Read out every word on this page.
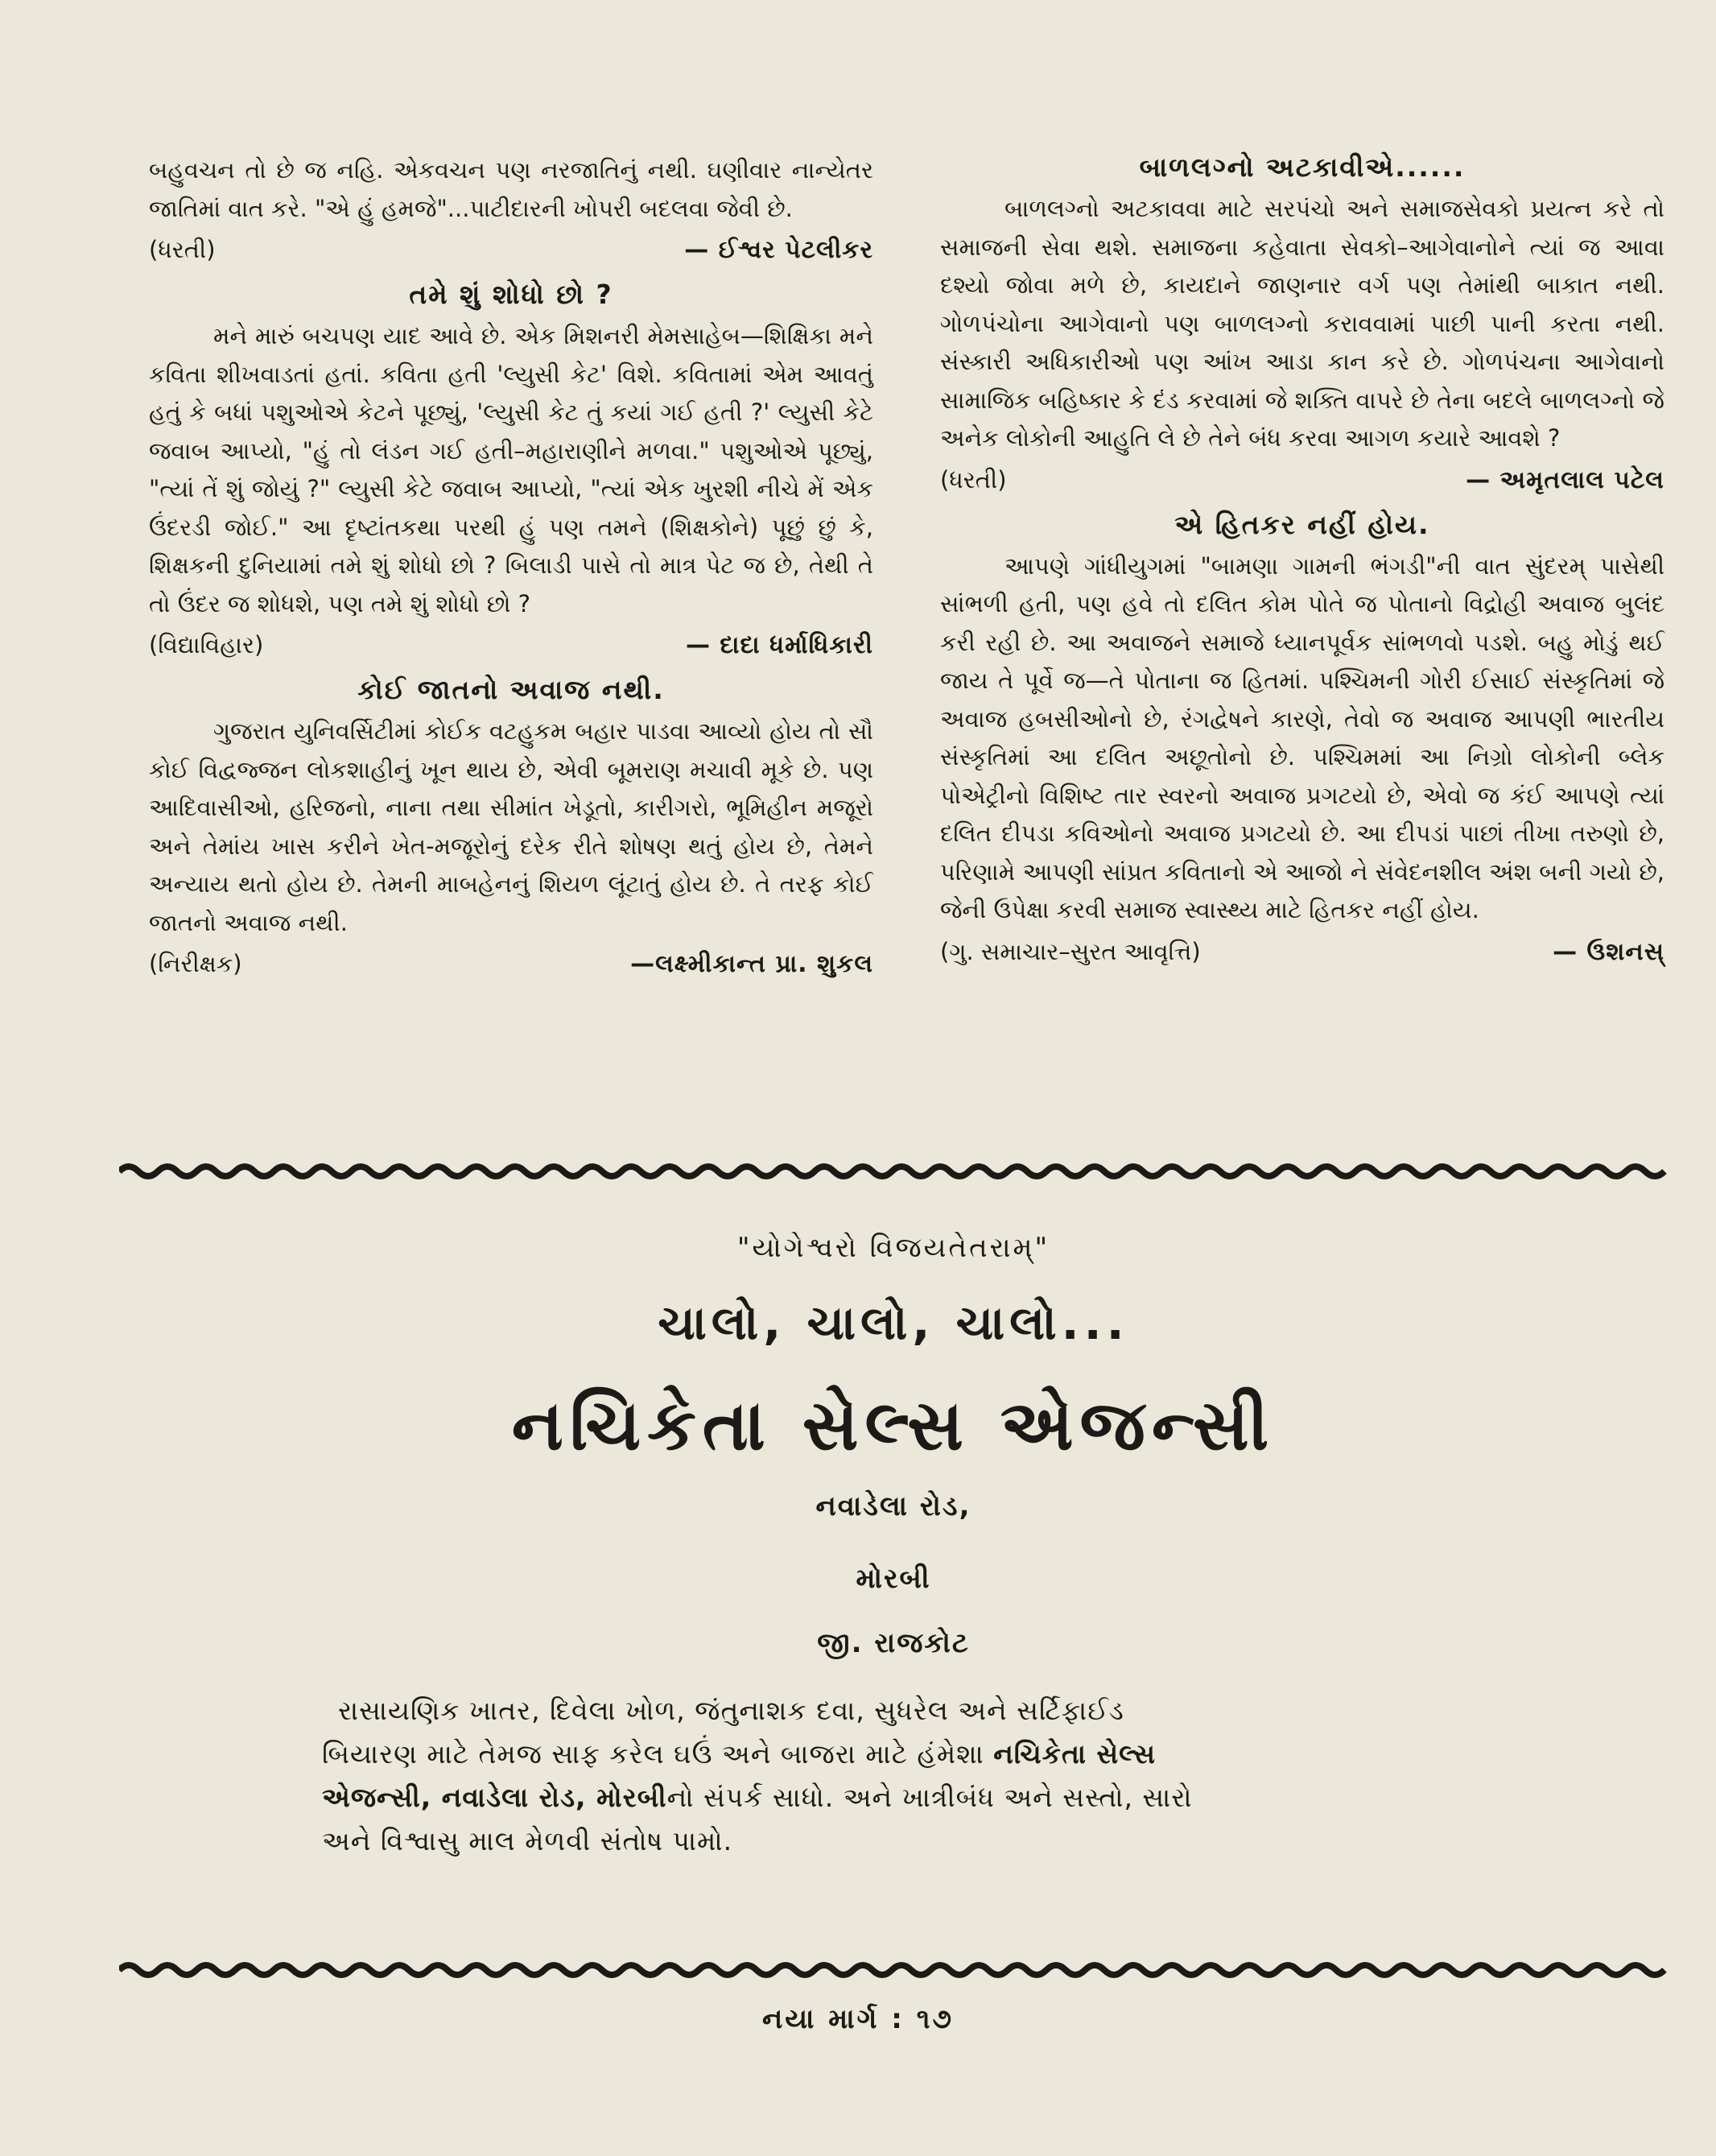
બહુવચન તો છે જ નહિ. એકવચન પણ નરજાતિનું નથી. ઘણીવાર નાન્યેતર જાતિમાં વાત કરે. "એ હું હમજે"...પાટીદારની ખોપરી બદલવા જેવી છે.

(ધરતી)	— ઈશ્વર પેટલીકર
તમે શું શોધો છો ?

મને મારું બચપણ યાદ આવે છે. એક મિશનરી મેમસાહેબ—શિક્ષિકા મને કવિતા શીખવાડતાં હતાં. કવિતા હતી 'લ્યુસી કેટ' વિશે. કવિતામાં એમ આવતું હતું કે બધાં પશુઓએ કેટને પૂછ્યું, 'લ્યુસી કેટ તું કયાં ગઈ હતી ?' લ્યુસી કેટે જવાબ આપ્યો, "હું તો લંડન ગઈ હતી–મહારાણીને મળવા." પશુઓએ પૂછ્યું, "ત્યાં તેં શું જોયું ?" લ્યુસી કેટે જવાબ આપ્યો, "ત્યાં એક ખુરશી નીચે મેં એક ઉંદરડી જોઈ." આ દૃષ્ટાંતકથા પરથી હું પણ તમને (શિક્ષકોને) પૂછું છું કે, શિક્ષકની દુનિયામાં તમે શું શોધો છો ? બિલાડી પાસે તો માત્ર પેટ જ છે, તેથી તે તો ઉંદર જ શોધશે, પણ તમે શું શોધો છો ?

(વિદ્યાવિહાર)	— દાદા ધર્માધિકારી
કોઈ જાતનો અવાજ નથી.

ગુજરાત યુનિવર્સિટીમાં કોઈક વટહુકમ બહાર પાડવા આવ્યો હોય તો સૌ કોઈ વિદ્વજ્જન લોકશાહીનું ખૂન થાય છે, એવી બૂમરાણ મચાવી મૂકે છે. પણ આદિવાસીઓ, હરિજનો, નાના તથા સીમાંત ખેડૂતો, કારીગરો, ભૂમિહીન મજૂરો અને તેમાંય ખાસ કરીને ખેત-મજૂરોનું દરેક રીતે શોષણ થતું હોય છે, તેમને અન્યાય થતો હોય છે. તેમની માબહેનનું શિયળ લૂંટાતું હોય છે. તે તરફ કોઈ જાતનો અવાજ નથી.

(નિરીક્ષક)	—લક્ષ્મીકાન્ત પ્રા. શુકલ
બાળલગ્નો અટકાવીએ......

બાળલગ્નો અટકાવવા માટે સરપંચો અને સમાજસેવકો પ્રયત્ન કરે તો સમાજની સેવા થશે. સમાજના કહેવાતા સેવકો–આગેવાનોને ત્યાં જ આવા દશ્યો જોવા મળે છે, કાયદાને જાણનાર વર્ગ પણ તેમાંથી બાકાત નથી. ગોળપંચોના આગેવાનો પણ બાળલગ્નો કરાવવામાં પાછી પાની કરતા નથી. સંસ્કારી અધિકારીઓ પણ આંખ આડા કાન કરે છે. ગોળપંચના આગેવાનો સામાજિક બહિષ્કાર કે દંડ કરવામાં જે શક્તિ વાપરે છે તેના બદલે બાળલગ્નો જે અનેક લોકોની આહુતિ લે છે તેને બંધ કરવા આગળ કયારે આવશે ?

(ધરતી)	— અમૃતલાલ પટેલ
એ હિતકર નહીં હોય.

આપણે ગાંધીયુગમાં "બામણા ગામની ભંગડી"ની વાત સુંદરમ્ પાસેથી સાંભળી હતી, પણ હવે તો દલિત કોમ પોતે જ પોતાનો વિદ્રોહી અવાજ બુલંદ કરી રહી છે. આ અવાજને સમાજે ધ્યાનપૂર્વક સાંભળવો પડશે. બહુ મોડું થઈ જાય તે પૂર્વે જ—તે પોતાના જ હિતમાં. પશ્ચિમની ગોરી ઈસાઈ સંસ્કૃતિમાં જે અવાજ હબસીઓનો છે, રંગદ્વેષને કારણે, તેવો જ અવાજ આપણી ભારતીય સંસ્કૃતિમાં આ દલિત અછૂતોનો છે. પશ્ચિમમાં આ નિગ્રો લોકોની બ્લેક પોએટ્રીનો વિશિષ્ટ તાર સ્વરનો અવાજ પ્રગટયો છે, એવો જ કંઈ આપણે ત્યાં દલિત દીપડા કવિઓનો અવાજ પ્રગટયો છે. આ દીપડાં પાછાં તીખા તરુણો છે, પરિણામે આપણી સાંપ્રત કવિતાનો એ આજો ને સંવેદનશીલ અંશ બની ગયો છે, જેની ઉપેક્ષા કરવી સમાજ સ્વાસ્થ્ય માટે હિતકર નહીં હોય.

(ગુ. સમાચાર–સુરત આવૃત્તિ)	— ઉશનસ્
"યોગેશ્વરો વિજયતેતરામ્"
ચાલો, ચાલો, ચાલો...
નચિકેતા સેલ્સ એજન્સી
નવાડેલા રોડ,
મોરબી
જી. રાજકોટ
રાસાયણિક ખાતર, દિવેલા ખોળ, જંતુનાશક દવા, સુધરેલ અને સર્ટિફાઈડ
બિયારણ માટે તેમજ સાફ કરેલ ઘઉં અને બાજરા માટે હંમેશા નચિકેતા સેલ્સ
એજન્સી, નવાડેલા રોડ, મોરબીનો સંપર્ક સાધો. અને ખાત્રીબંધ અને સસ્તો, સારો
અને વિશ્વાસુ માલ મેળવી સંતોષ પામો.
નયા માર્ગ : ૧૭
